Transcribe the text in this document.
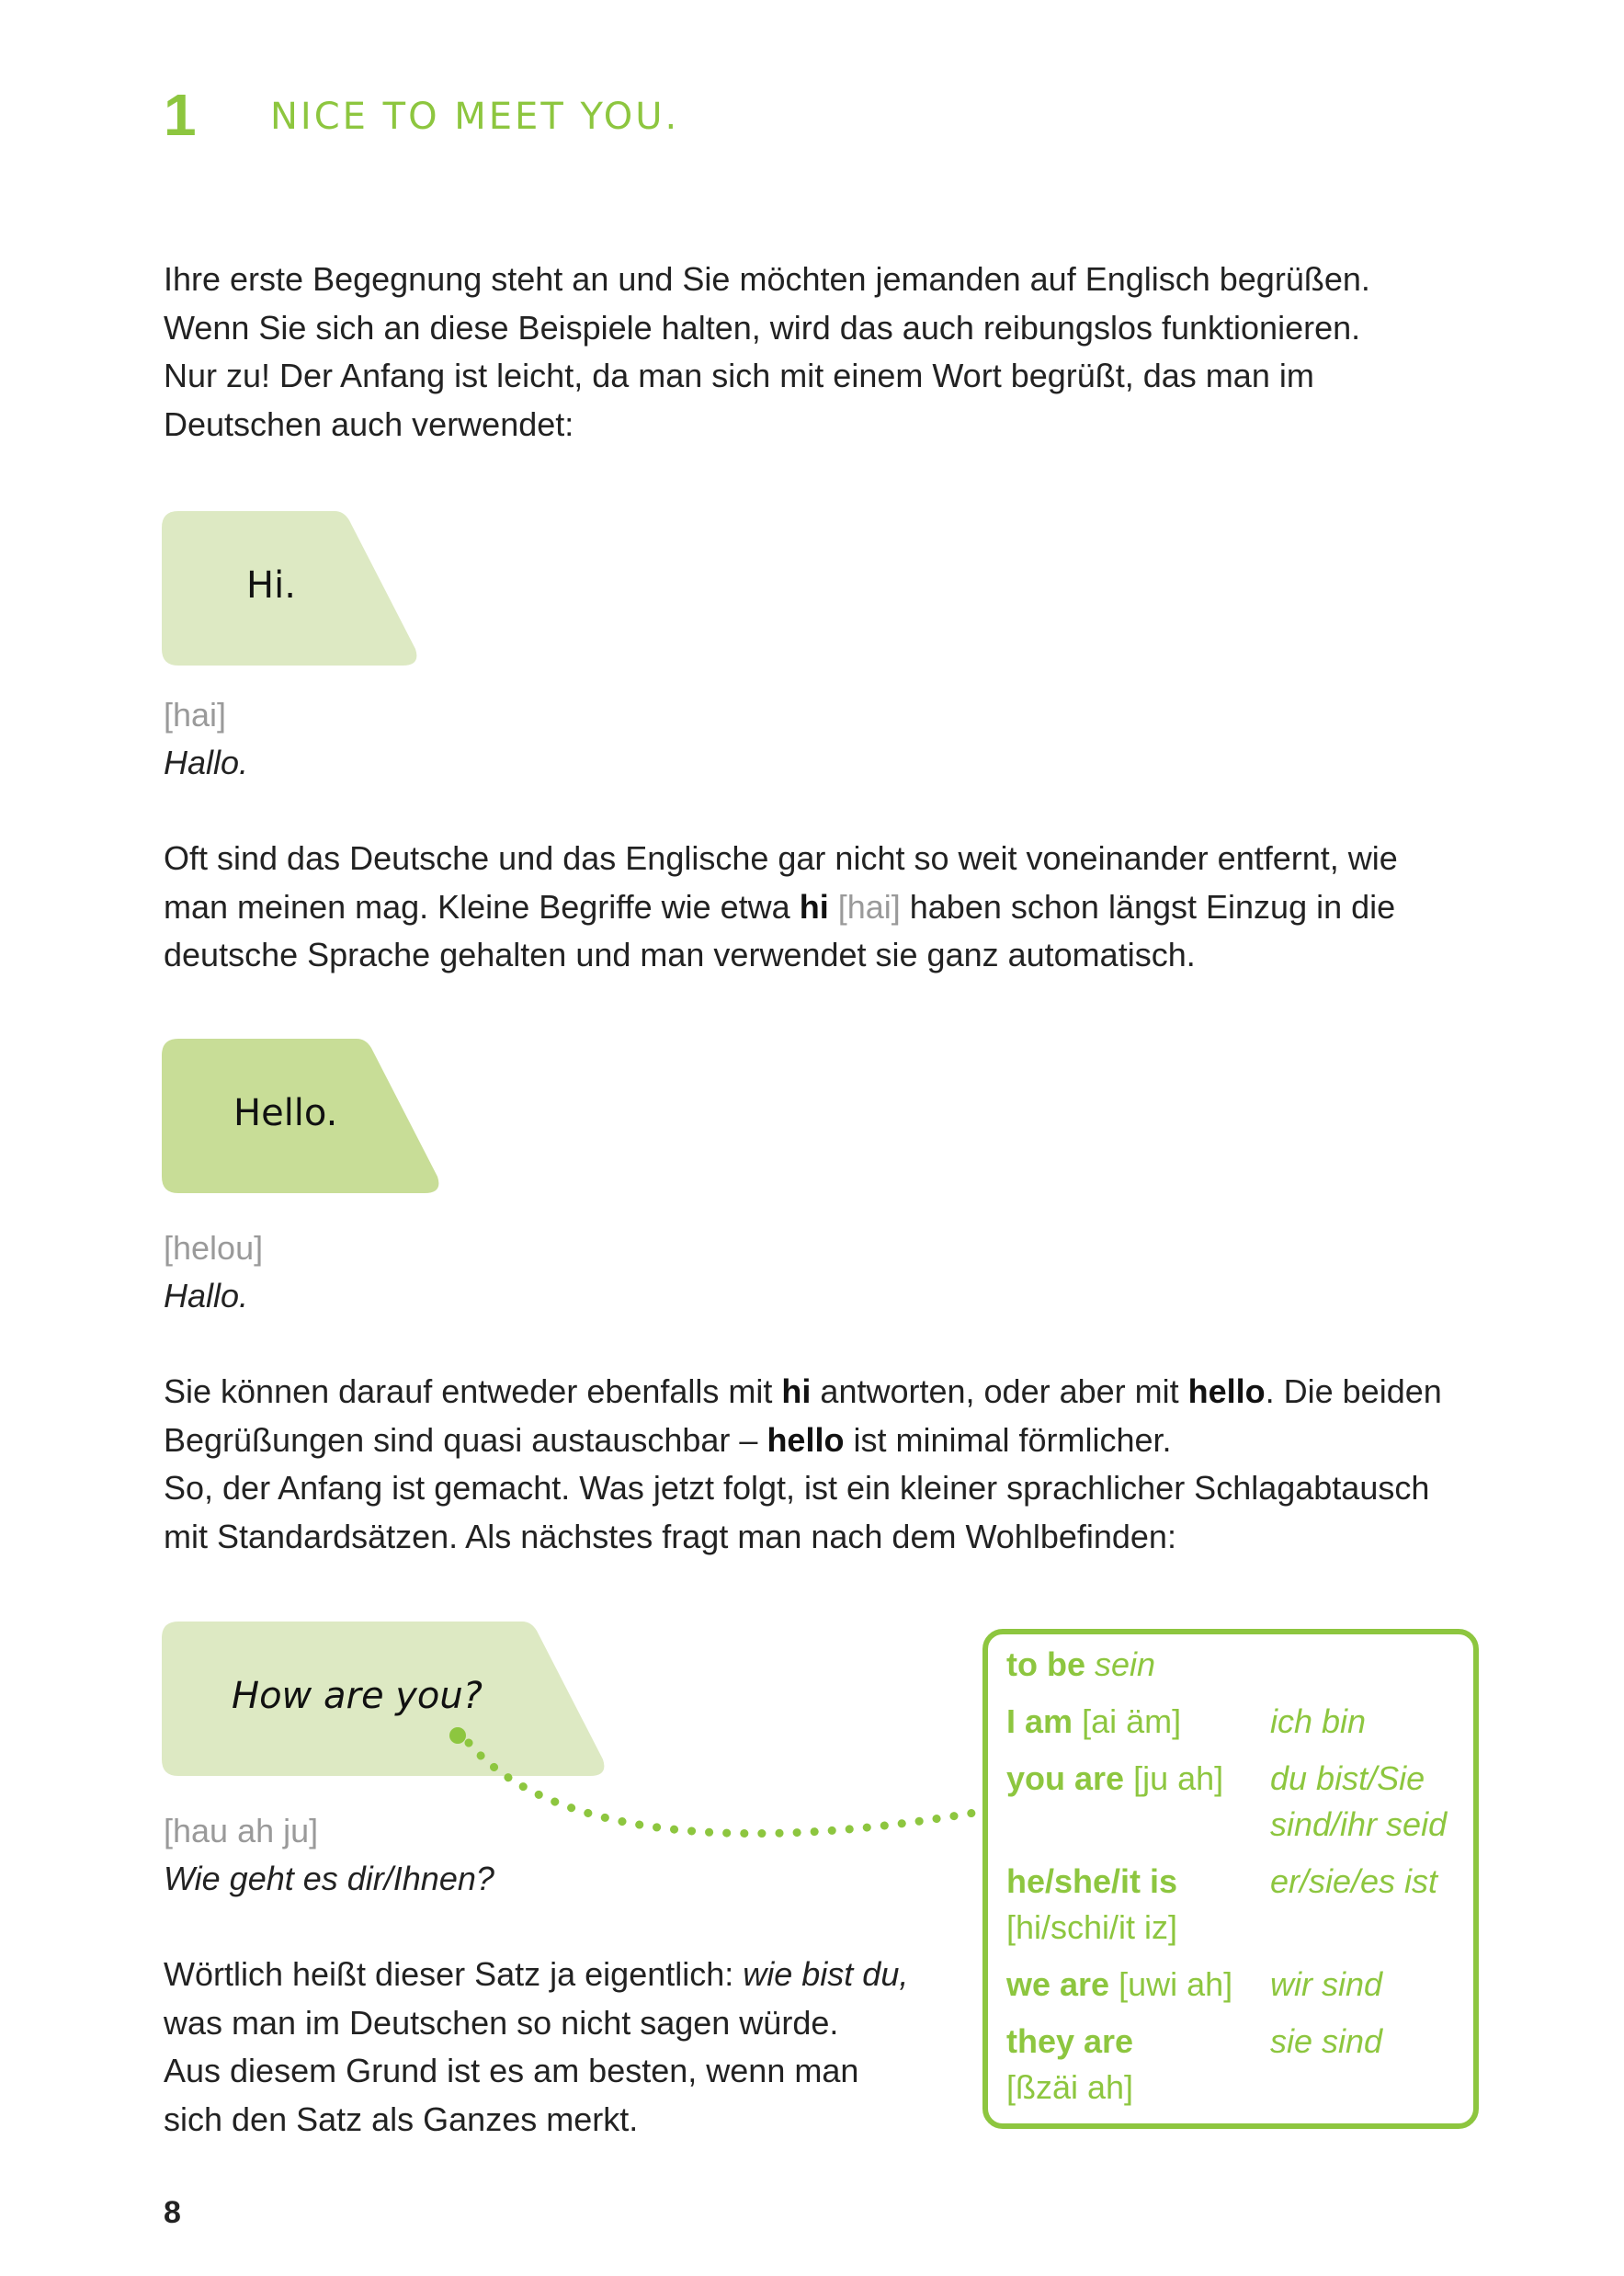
1 NICE TO MEET YOU.

Ihre erste Begegnung steht an und Sie möchten jemanden auf Englisch begrüßen.

Wenn Sie sich an diese Beispiele halten, wird das auch reibungslos funktionieren.

Nur zu! Der Anfang ist leicht, da man sich mit einem Wort begrüßt, das man im

Deutschen auch verwendet:

Hi.
[hai]
Hallo.

Oft sind das Deutsche und das Englische gar nicht so weit voneinander entfernt, wie

man meinen mag. Kleine Begriffe wie etwa hi [hai] haben schon längst Einzug in die

deutsche Sprache gehalten und man verwendet sie ganz automatisch.

Hello.
[helou]
Hallo.

Sie können darauf entweder ebenfalls mit hi antworten, oder aber mit hello. Die beiden

Begrüßungen sind quasi austauschbar – hello ist minimal förmlicher.

So, der Anfang ist gemacht. Was jetzt folgt, ist ein kleiner sprachlicher Schlagabtausch

mit Standardsätzen. Als nächstes fragt man nach dem Wohlbefinden:

How are you?
[hau ah ju]
Wie geht es dir/Ihnen?

Wörtlich heißt dieser Satz ja eigentlich: wie bist du,

was man im Deutschen so nicht sagen würde.

Aus diesem Grund ist es am besten, wenn man

sich den Satz als Ganzes merkt.

to be sein
I am [ai äm]	ich bin
you are [ju ah] du bist/Sie
sind/ihr seid
he/she/it is
[hi/schi/it iz]
er/sie/es ist
we are [uwi ah] wir sind
they are
[ßzäi ah]
sie sind
8
